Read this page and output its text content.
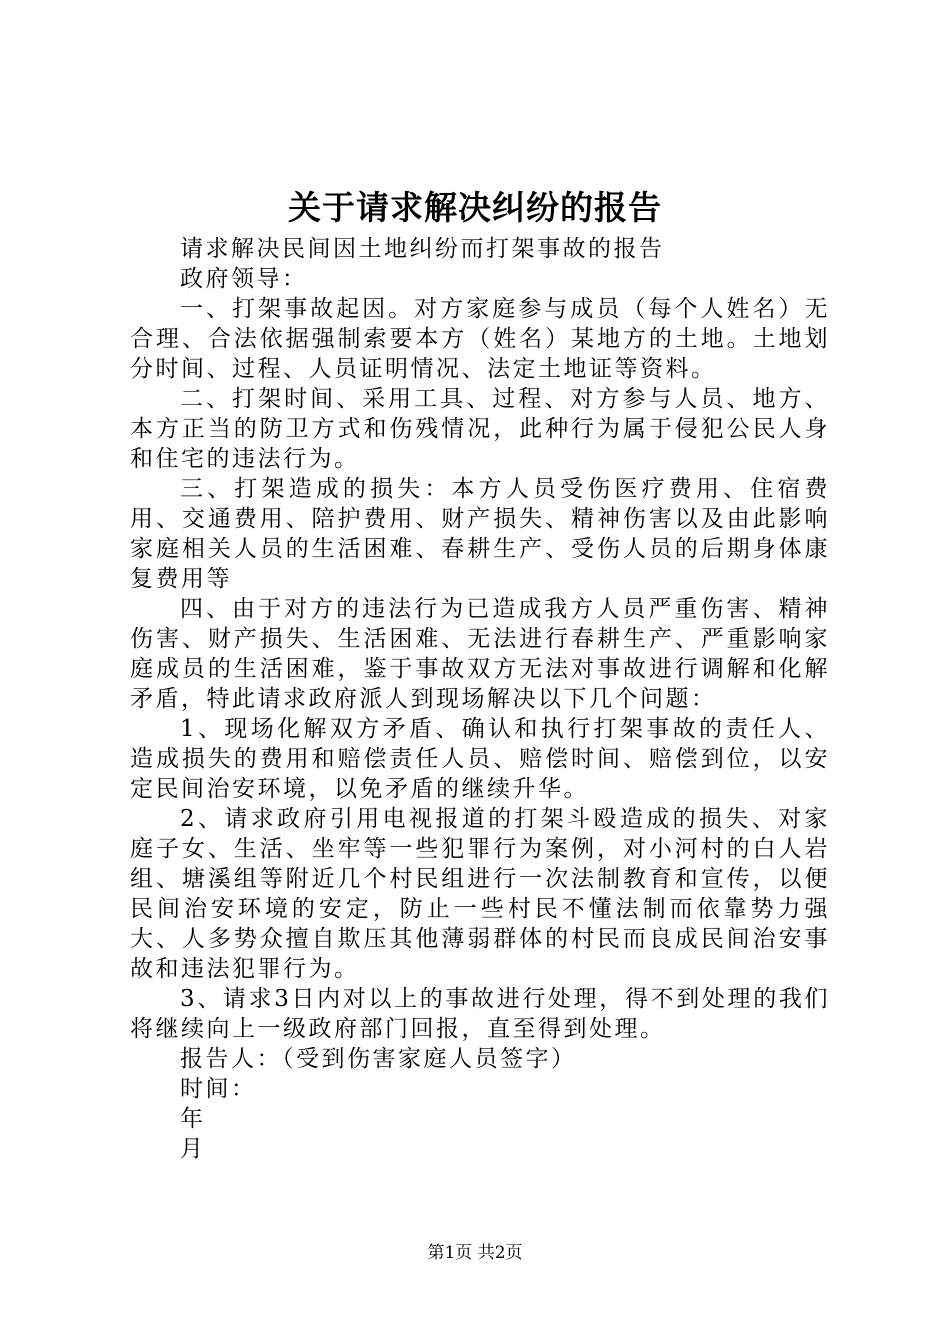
关于请求解决纠纷的报告

请求解决民间因土地纠纷而打架事故的报告

政府领导：

一、打架事故起因。对方家庭参与成员（每个人姓名）无合理、合法依据强制索要本方（姓名）某地方的土地。土地划分时间、过程、人员证明情况、法定土地证等资料。

二、打架时间、采用工具、过程、对方参与人员、地方、本方正当的防卫方式和伤残情况，此种行为属于侵犯公民人身和住宅的违法行为。

三、打架造成的损失：本方人员受伤医疗费用、住宿费用、交通费用、陪护费用、财产损失、精神伤害以及由此影响家庭相关人员的生活困难、春耕生产、受伤人员的后期身体康复费用等

四、由于对方的违法行为已造成我方人员严重伤害、精神伤害、财产损失、生活困难、无法进行春耕生产、严重影响家庭成员的生活困难，鉴于事故双方无法对事故进行调解和化解矛盾，特此请求政府派人到现场解决以下几个问题：

1、现场化解双方矛盾、确认和执行打架事故的责任人、造成损失的费用和赔偿责任人员、赔偿时间、赔偿到位，以安定民间治安环境，以免矛盾的继续升华。

2、请求政府引用电视报道的打架斗殴造成的损失、对家庭子女、生活、坐牢等一些犯罪行为案例，对小河村的白人岩组、塘溪组等附近几个村民组进行一次法制教育和宣传，以便民间治安环境的安定，防止一些村民不懂法制而依靠势力强大、人多势众擅自欺压其他薄弱群体的村民而良成民间治安事故和违法犯罪行为。

3、请求3日内对以上的事故进行处理，得不到处理的我们将继续向上一级政府部门回报，直至得到处理。

报告人：（受到伤害家庭人员签字）

时间：

年

月

第1页 共2页
